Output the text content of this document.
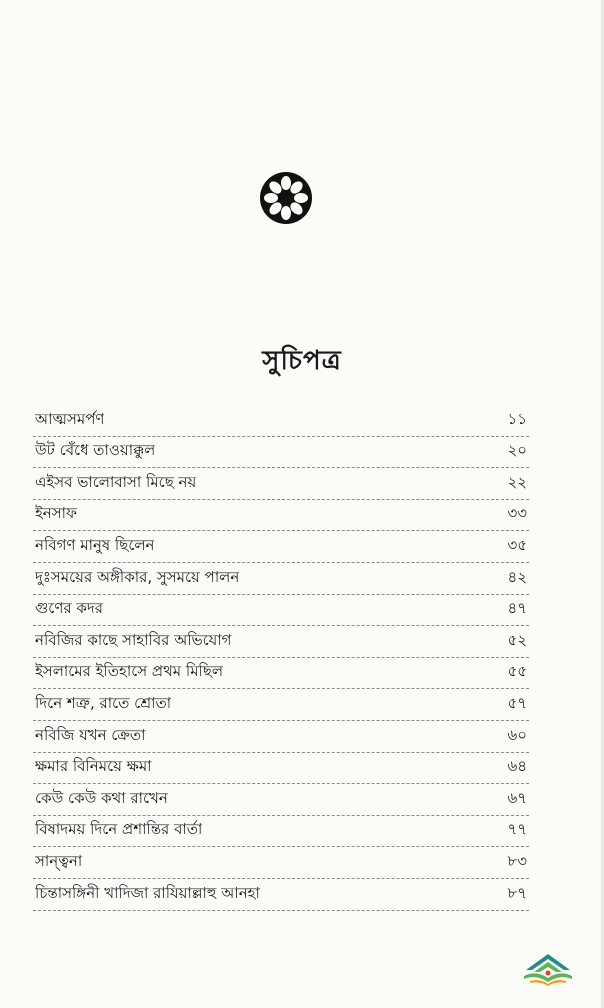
সুচিপত্র
আত্মসমর্পণ	১১
উট বেঁধে তাওয়াক্কুল	২০
এইসব ভালোবাসা মিছে নয়	২২
ইনসাফ	৩৩
নবিগণ মানুষ ছিলেন	৩৫
দুঃসময়ের অঙ্গীকার, সুসময়ে পালন	৪২
গুণের কদর	৪৭
নবিজির কাছে সাহাবির অভিযোগ	৫২
ইসলামের ইতিহাসে প্রথম মিছিল	৫৫
দিনে শত্রু, রাতে শ্রোতা	৫৭
নবিজি যখন ক্রেতা	৬০
ক্ষমার বিনিময়ে ক্ষমা	৬৪
কেউ কেউ কথা রাখেন	৬৭
বিষাদময় দিনে প্রশান্তির বার্তা	৭৭
সান্ত্বনা	৮৩
চিন্তাসঙ্গিনী খাদিজা রাযিয়াল্লাহু আনহা	৮৭
